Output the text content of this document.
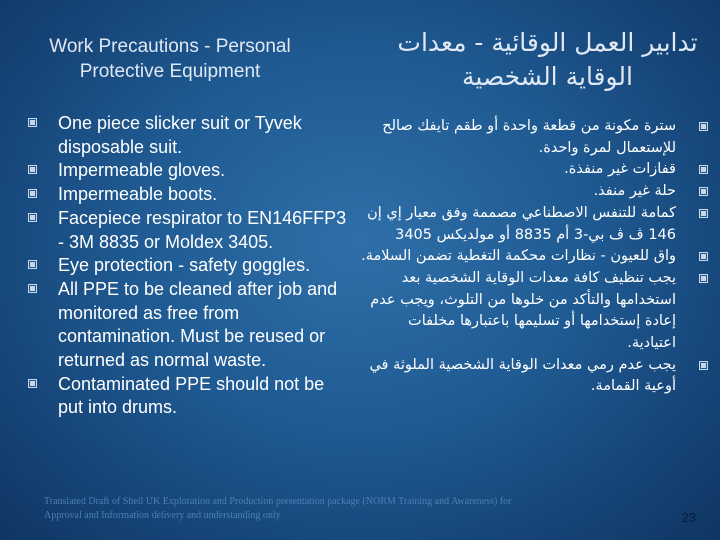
Work Precautions - Personal Protective Equipment
تدابير العمل الوقائية - معدات الوقاية الشخصية
One piece slicker suit or Tyvek disposable suit.
Impermeable gloves.
Impermeable boots.
Facepiece respirator to EN146FFP3 - 3M 8835 or Moldex 3405.
Eye protection - safety goggles.
All PPE to be cleaned after job and monitored as free from contamination. Must be reused or returned as normal waste.
Contaminated PPE should not be put into drums.
سترة مكونة من قطعة واحدة أو طقم تايفك صالح للإستعمال لمرة واحدة.
قفازات غير منفذة.
حلة غير منفذ.
كمامة للتنفس الاصطناعي مصممة وفق معيار إي إن 146 ڤ ڤ بي-3 أم 8835 أو مولديكس 3405
واق للعيون - نظارات محكمة التغطية تضمن السلامة.
يجب تنظيف كافة معدات الوقاية الشخصية بعد استخدامها والتأكد من خلوها من التلوث، ويجب عدم إعادة إستخدامها أو تسليمها باعتبارها مخلفات اعتيادية.
يجب عدم رمي معدات الوقاية الشخصية الملوثة في أوعية القمامة.
Translated Draft of Shell UK Exploration and Production presentation package (NORM Training and Awareness) for Approval and Information delivery and understanding only	23
